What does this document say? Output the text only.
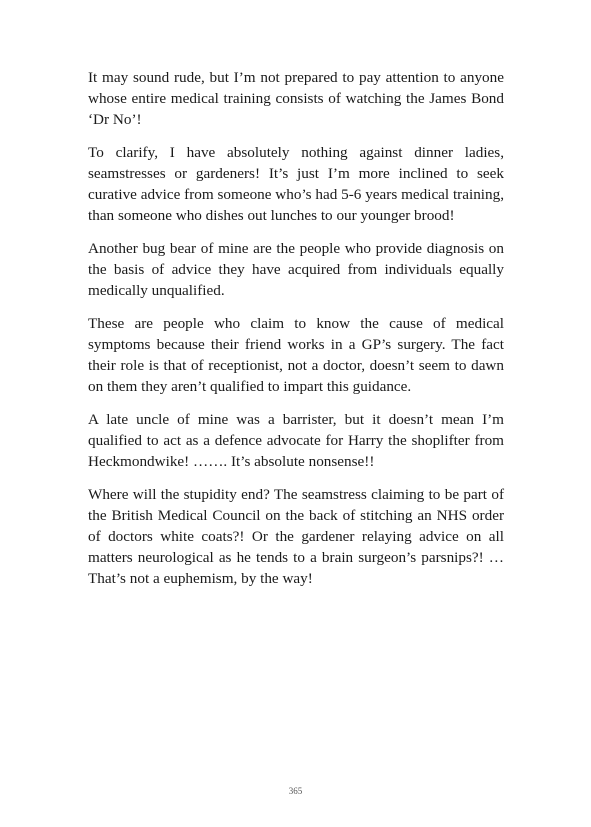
It may sound rude, but I’m not prepared to pay attention to anyone whose entire medical training consists of watching the James Bond ‘Dr No’!

To clarify, I have absolutely nothing against dinner ladies, seamstresses or gardeners! It’s just I’m more inclined to seek curative advice from someone who’s had 5-6 years medical training, than someone who dishes out lunches to our younger brood!

Another bug bear of mine are the people who provide diagnosis on the basis of advice they have acquired from individuals equally medically unqualified.

These are people who claim to know the cause of medical symptoms because their friend works in a GP’s surgery. The fact their role is that of receptionist, not a doctor, doesn’t seem to dawn on them they aren’t qualified to impart this guidance.

A late uncle of mine was a barrister, but it doesn’t mean I’m qualified to act as a defence advocate for Harry the shoplifter from Heckmondwike! ……. It’s absolute nonsense!!

Where will the stupidity end? The seamstress claiming to be part of the British Medical Council on the back of stitching an NHS order of doctors white coats?! Or the gardener relaying advice on all matters neurological as he tends to a brain surgeon’s parsnips?! … That’s not a euphemism, by the way!

365
